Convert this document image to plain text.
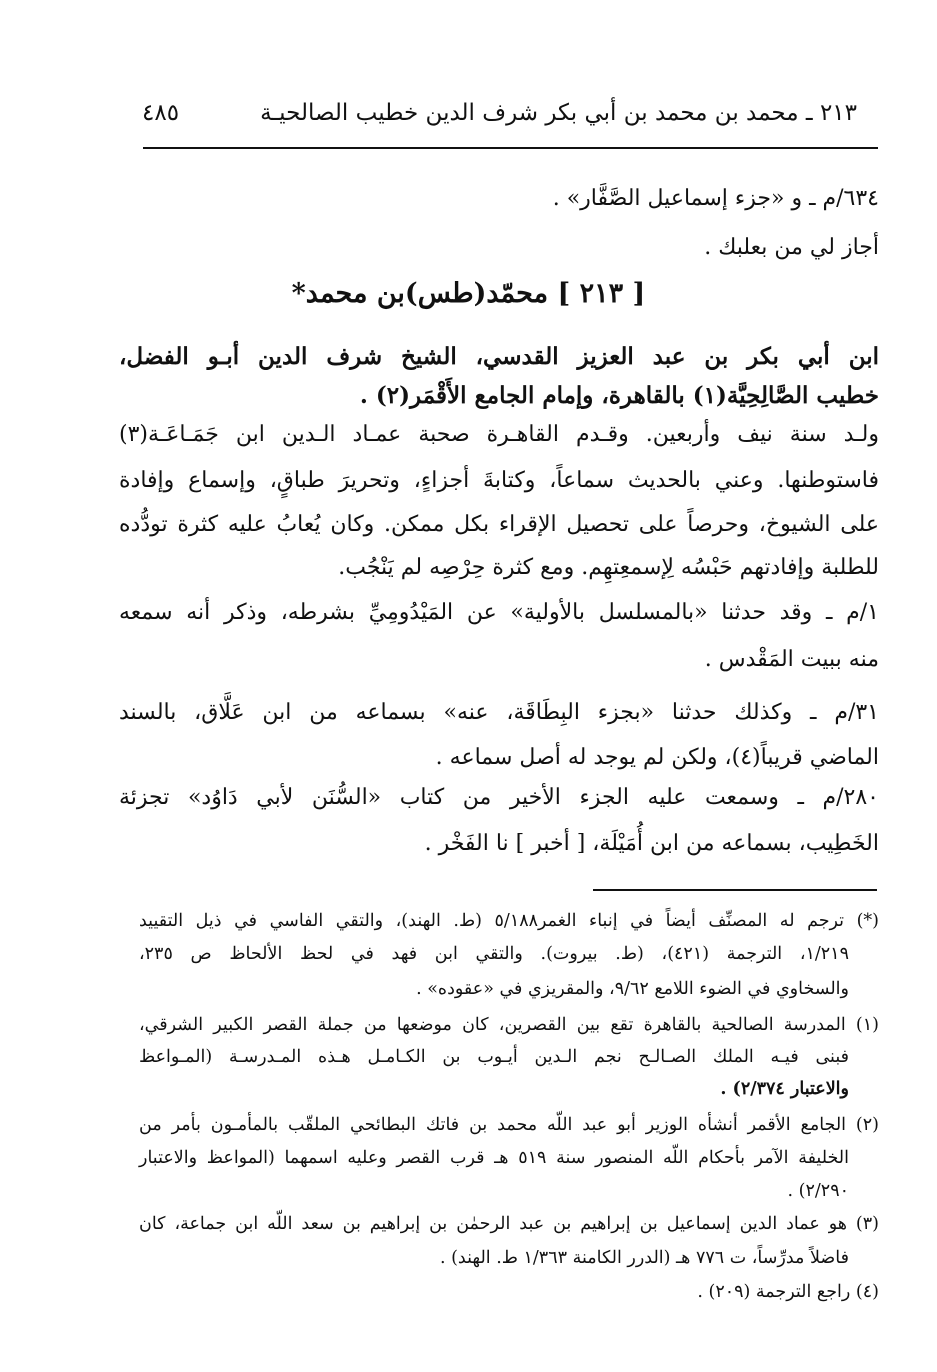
٢١٣ ـ محمد بن محمد بن أبي بكر شرف الدين خطيب الصالحيـة
٤٨٥
٦٣٤/م ـ و «جزء إسماعيل الصَّفَّار» .
أجاز لي من بعلبك .
[ ٢١٣ ] محمّد(طس)بن محمد*
ابن أبي بكر بن عبد العزيز القدسي، الشيخ شرف الدين أبـو الفضل،
خطيب الصَّالِحِيَّة(١) بالقاهرة، وإمام الجامع الأَقْمَر(٢) .
ولـد سنة نيف وأربعين. وقـدم القاهـرة صحبة عمـاد الـدين ابن جَمَـاعَـة(٣)
فاستوطنها. وعني بالحديث سماعاً، وكتابةَ أجزاءٍ، وتحريرَ طباقٍ، وإسماع وإفادة
على الشيوخ، وحرصاً على تحصيل الإقراء بكل ممكن. وكان يُعابُ عليه كثرة تودُّده
للطلبة وإفادتهم حَبْسُه لِإسمعِتهِم. ومع كثرة حِرْصِه لم يَنْجُب.
١/م ـ وقد حدثنا «بالمسلسل بالأولية» عن المَيْدُومِيِّ بشرطه، وذكر أنه سمعه
منه ببيت المَقْدس .
٣١/م ـ وكذلك حدثنا «بجزء البِطَاقَة، عنه» بسماعه من ابن عَلَّاق، بالسند
الماضي قريباً(٤)، ولكن لم يوجد له أصل سماعه .
٢٨٠/م ـ وسمعت عليه الجزء الأخير من كتاب «السُّنَن لأبي دَاوُد» تجزئة
الخَطِيب، بسماعه من ابن أُمَيْلَة، [ أخبر ] نا الفَخْر .
(*) ترجم له المصنِّف أيضاً في إنباء الغمر٥/١٨٨ (ط. الهند)، والتقي الفاسي في ذيل التقييد
١/٢١٩، الترجمة (٤٢١)، (ط. بيروت). والتقي ابن فهد في لحظ الألحاظ ص ٢٣٥،
والسخاوي في الضوء اللامع ٩/٦٢، والمقريزي في «عقوده» .
(١) المدرسة الصالحية بالقاهرة تقع بين القصرين، كان موضعها من جملة القصر الكبير الشرقي،
فبنى فيـه الملك الصـالـح نجم الـدين أيـوب بن الكـامـل هـذه المـدرسـة (المـواعظ
والاعتبار ٢/٣٧٤) .
(٢) الجامع الأقمر أنشأه الوزير أبو عبد اللّه محمد بن فاتك البطائحي الملقّب بالمأمـون بأمر من
الخليفة الآمر بأحكام اللّه المنصور سنة ٥١٩ هـ قرب القصر وعليه اسمهما (المواعظ والاعتبار
٢/٢٩٠) .
(٣) هو عماد الدين إسماعيل بن إبراهيم بن عبد الرحمٰن بن إبراهيم بن سعد اللّه ابن جماعة، كان
فاضلاً مدرِّساً، ت ٧٧٦ هـ (الدرر الكامنة ١/٣٦٣ ط. الهند) .
(٤) راجع الترجمة (٢٠٩) .
